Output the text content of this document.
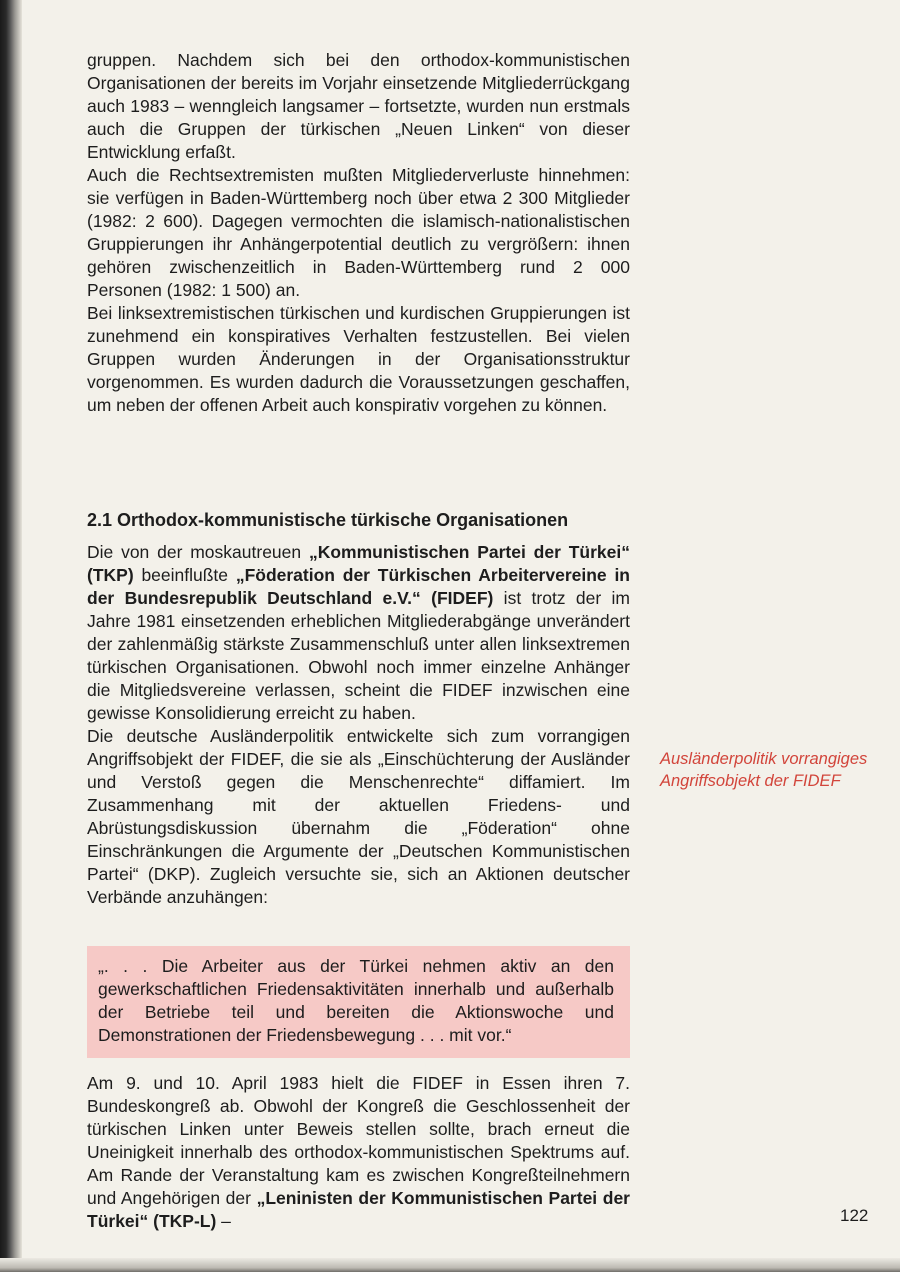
gruppen. Nachdem sich bei den orthodox-kommunistischen Organisationen der bereits im Vorjahr einsetzende Mitgliederrückgang auch 1983 – wenngleich langsamer – fortsetzte, wurden nun erstmals auch die Gruppen der türkischen „Neuen Linken“ von dieser Entwicklung erfaßt.

Auch die Rechtsextremisten mußten Mitgliederverluste hinnehmen: sie verfügen in Baden-Württemberg noch über etwa 2 300 Mitglieder (1982: 2 600). Dagegen vermochten die islamisch-nationalistischen Gruppierungen ihr Anhängerpotential deutlich zu vergrößern: ihnen gehören zwischenzeitlich in Baden-Württemberg rund 2 000 Personen (1982: 1 500) an.

Bei linksextremistischen türkischen und kurdischen Gruppierungen ist zunehmend ein konspiratives Verhalten festzustellen. Bei vielen Gruppen wurden Änderungen in der Organisationsstruktur vorgenommen. Es wurden dadurch die Voraussetzungen geschaffen, um neben der offenen Arbeit auch konspirativ vorgehen zu können.

2.1 Orthodox-kommunistische türkische Organisationen

Die von der moskautreuen „Kommunistischen Partei der Türkei“ (TKP) beeinflußte „Föderation der Türkischen Arbeitervereine in der Bundesrepublik Deutschland e.V.“ (FIDEF) ist trotz der im Jahre 1981 einsetzenden erheblichen Mitgliederabgänge unverändert der zahlenmäßig stärkste Zusammenschluß unter allen linksextremen türkischen Organisationen. Obwohl noch immer einzelne Anhänger die Mitgliedsvereine verlassen, scheint die FIDEF inzwischen eine gewisse Konsolidierung erreicht zu haben.

Die deutsche Ausländerpolitik entwickelte sich zum vorrangigen Angriffsobjekt der FIDEF, die sie als „Einschüchterung der Ausländer und Verstoß gegen die Menschenrechte“ diffamiert. Im Zusammenhang mit der aktuellen Friedens- und Abrüstungsdiskussion übernahm die „Föderation“ ohne Einschränkungen die Argumente der „Deutschen Kommunistischen Partei“ (DKP). Zugleich versuchte sie, sich an Aktionen deutscher Verbände anzuhängen:

Ausländerpolitik vorrangiges Angriffsobjekt der FIDEF

„. . . Die Arbeiter aus der Türkei nehmen aktiv an den gewerkschaftlichen Friedensaktivitäten innerhalb und außerhalb der Betriebe teil und bereiten die Aktionswoche und Demonstrationen der Friedensbewegung . . . mit vor.“

Am 9. und 10. April 1983 hielt die FIDEF in Essen ihren 7. Bundeskongreß ab. Obwohl der Kongreß die Geschlossenheit der türkischen Linken unter Beweis stellen sollte, brach erneut die Uneinigkeit innerhalb des orthodox-kommunistischen Spektrums auf. Am Rande der Veranstaltung kam es zwischen Kongreßteilnehmern und Angehörigen der „Leninisten der Kommunistischen Partei der Türkei“ (TKP-L) –	122
